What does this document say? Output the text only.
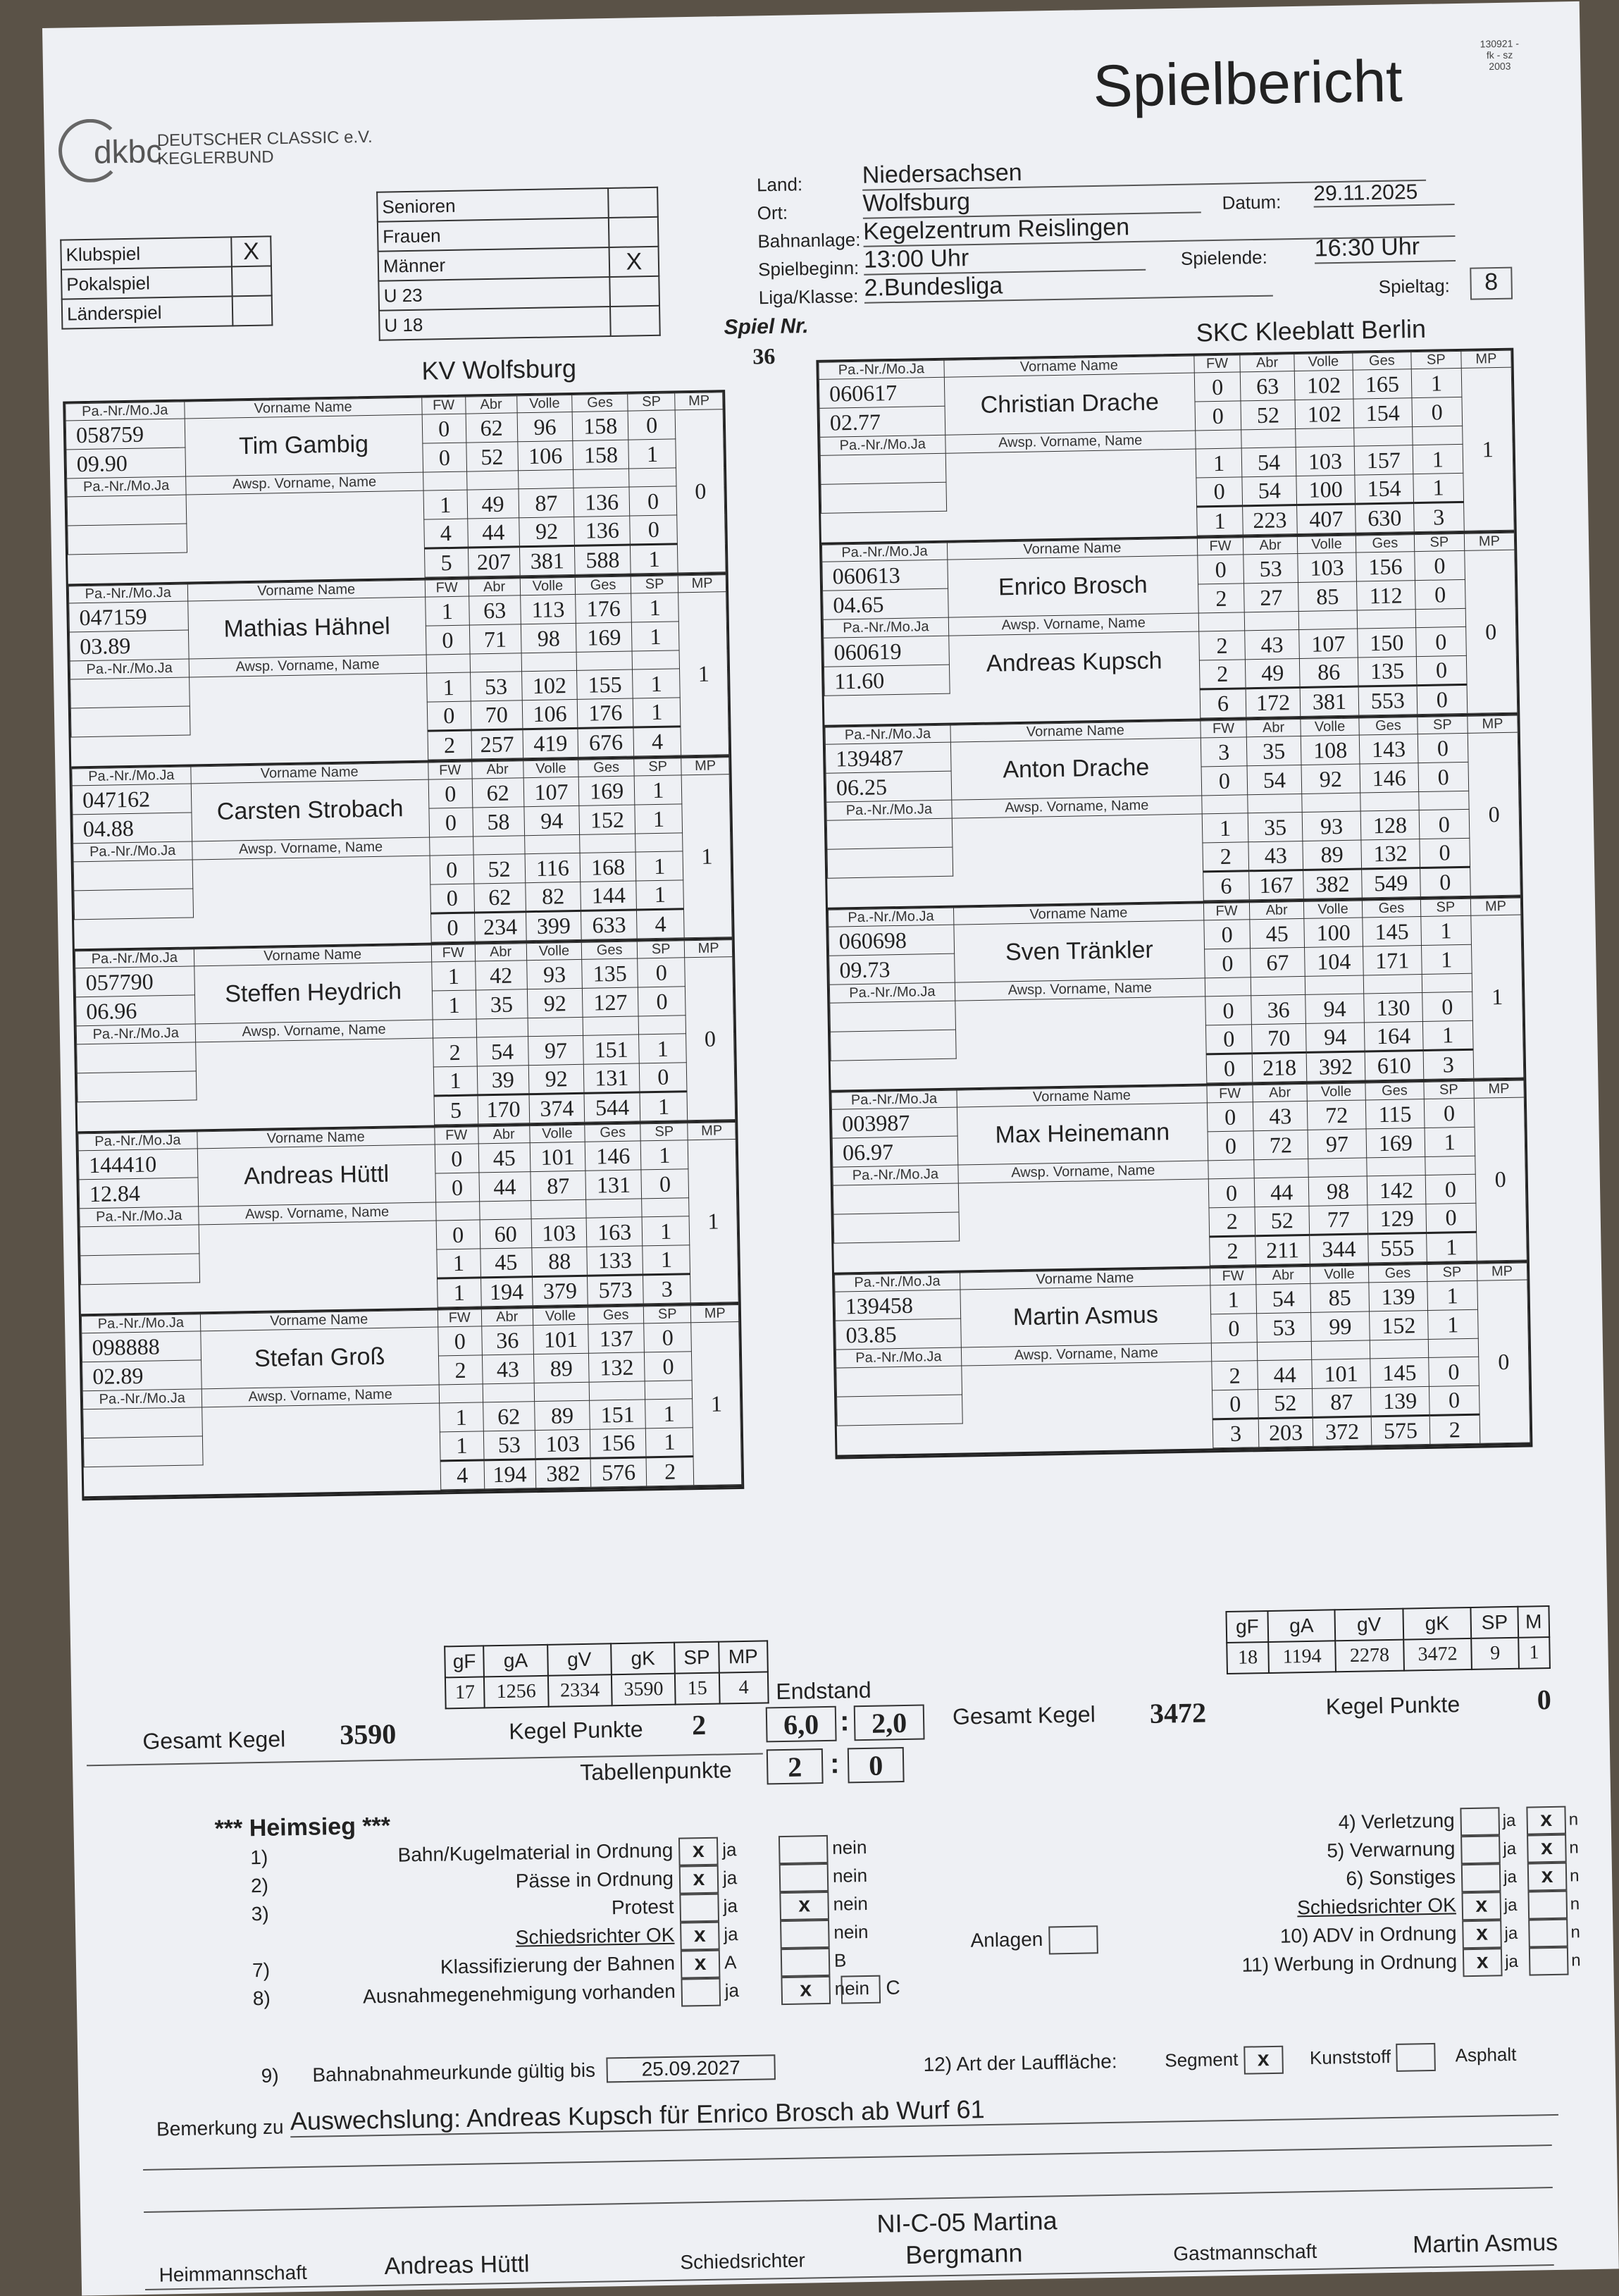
130921 -
fk - sz
2003
Spielbericht
dkbc
DEUTSCHER CLASSIC e.V.
KEGLERBUND
Klubspiel	X
Pokalspiel	
Länderspiel	
Senioren	
Frauen	
Männer	X
U 23	
U 18	
Land: Niedersachsen
Ort:	Wolfsburg	Datum: 29.11.2025
Bahnanlage: Kegelzentrum Reislingen
Spielbeginn: 13:00 Uhr	Spielende: 16:30 Uhr
Liga/Klasse: 2.Bundesliga	Spieltag:	8
Spiel Nr.
36
KV Wolfsburg
SKC Kleeblatt Berlin
Pa.-Nr./Mo.Ja	Vorname Name	FW	Abr	Volle	Ges	SP	MP
058759	Tim Gambig	0	62	96	158	0	0
09.90		0	52	106	158	1	
Pa.-Nr./Mo.Ja	Awsp. Vorname, Name						
		1	49	87	136	0	
		4	44	92	136	0	
		5	207	381	588	1	
Pa.-Nr./Mo.Ja	Vorname Name	FW	Abr	Volle	Ges	SP	MP
047159	Mathias Hähnel	1	63	113	176	1	1
03.89		0	71	98	169	1	
Pa.-Nr./Mo.Ja	Awsp. Vorname, Name						
		1	53	102	155	1	
		0	70	106	176	1	
		2	257	419	676	4	
Pa.-Nr./Mo.Ja	Vorname Name	FW	Abr	Volle	Ges	SP	MP
047162	Carsten Strobach	0	62	107	169	1	1
04.88		0	58	94	152	1	
Pa.-Nr./Mo.Ja	Awsp. Vorname, Name						
		0	52	116	168	1	
		0	62	82	144	1	
		0	234	399	633	4	
Pa.-Nr./Mo.Ja	Vorname Name	FW	Abr	Volle	Ges	SP	MP
057790	Steffen Heydrich	1	42	93	135	0	0
06.96		1	35	92	127	0	
Pa.-Nr./Mo.Ja	Awsp. Vorname, Name						
		2	54	97	151	1	
		1	39	92	131	0	
		5	170	374	544	1	
Pa.-Nr./Mo.Ja	Vorname Name	FW	Abr	Volle	Ges	SP	MP
144410	Andreas Hüttl	0	45	101	146	1	1
12.84		0	44	87	131	0	
Pa.-Nr./Mo.Ja	Awsp. Vorname, Name						
		0	60	103	163	1	
		1	45	88	133	1	
		1	194	379	573	3	
Pa.-Nr./Mo.Ja	Vorname Name	FW	Abr	Volle	Ges	SP	MP
098888	Stefan Groß	0	36	101	137	0	1
02.89		2	43	89	132	0	
Pa.-Nr./Mo.Ja	Awsp. Vorname, Name						
		1	62	89	151	1	
		1	53	103	156	1	
		4	194	382	576	2	
Pa.-Nr./Mo.Ja	Vorname Name	FW	Abr	Volle	Ges	SP	MP
060617	Christian Drache	0	63	102	165	1	1
02.77		0	52	102	154	0	
Pa.-Nr./Mo.Ja	Awsp. Vorname, Name						
		1	54	103	157	1	
		0	54	100	154	1	
		1	223	407	630	3	
Pa.-Nr./Mo.Ja	Vorname Name	FW	Abr	Volle	Ges	SP	MP
060613	Enrico Brosch	0	53	103	156	0	0
04.65		2	27	85	112	0	
Pa.-Nr./Mo.Ja	Awsp. Vorname, Name						
060619	Andreas Kupsch	2	43	107	150	0	
11.60		2	49	86	135	0	
		6	172	381	553	0	
Pa.-Nr./Mo.Ja	Vorname Name	FW	Abr	Volle	Ges	SP	MP
139487	Anton Drache	3	35	108	143	0	0
06.25		0	54	92	146	0	
Pa.-Nr./Mo.Ja	Awsp. Vorname, Name						
		1	35	93	128	0	
		2	43	89	132	0	
		6	167	382	549	0	
Pa.-Nr./Mo.Ja	Vorname Name	FW	Abr	Volle	Ges	SP	MP
060698	Sven Tränkler	0	45	100	145	1	1
09.73		0	67	104	171	1	
Pa.-Nr./Mo.Ja	Awsp. Vorname, Name						
		0	36	94	130	0	
		0	70	94	164	1	
		0	218	392	610	3	
Pa.-Nr./Mo.Ja	Vorname Name	FW	Abr	Volle	Ges	SP	MP
003987	Max Heinemann	0	43	72	115	0	0
06.97		0	72	97	169	1	
Pa.-Nr./Mo.Ja	Awsp. Vorname, Name						
		0	44	98	142	0	
		2	52	77	129	0	
		2	211	344	555	1	
Pa.-Nr./Mo.Ja	Vorname Name	FW	Abr	Volle	Ges	SP	MP
139458	Martin Asmus	1	54	85	139	1	0
03.85		0	53	99	152	1	
Pa.-Nr./Mo.Ja	Awsp. Vorname, Name						
		2	44	101	145	0	
		0	52	87	139	0	
		3	203	372	575	2	
gF	gA	gV	gK	SP	MP
17	1256	2334	3590	15	4
gF	gA	gV	gK	SP	M
18	1194	2278	3472	9	1
Gesamt Kegel 3590	Kegel Punkte 2
Endstand
6,0 : 2,0
Tabellenpunkte	2 :	0
Gesamt Kegel 3472	Kegel Punkte	0
*** Heimsieg ***
1)	Bahn/Kugelmaterial in Ordnung x ja	nein
2)	Pässe in Ordnung x ja	nein
3)	Protest	ja	x nein
Schiedsrichter OK x ja	nein
7)	Klassifizierung der Bahnen x A	B
8)	Ausnahmegenehmigung vorhanden	ja	x nein C
Anlagen
9) Bahnabnahmeurkunde gültig bis 25.09.2027
4) Verletzung	ja x n
5) Verwarnung	ja x n
6) Sonstiges	ja x n
Schiedsrichter OK x ja	n
10) ADV in Ordnung x ja	n
11) Werbung in Ordnung x ja	n
12) Art der Lauffläche:	Segment x Kunststoff	Asphalt
Bemerkung zu Auswechslung: Andreas Kupsch für Enrico Brosch ab Wurf 61
NI-C-05 Martina
Heimmannschaft	Andreas Hüttl	Schiedsrichter	Bergmann	Gastmannschaft	Martin Asmus
